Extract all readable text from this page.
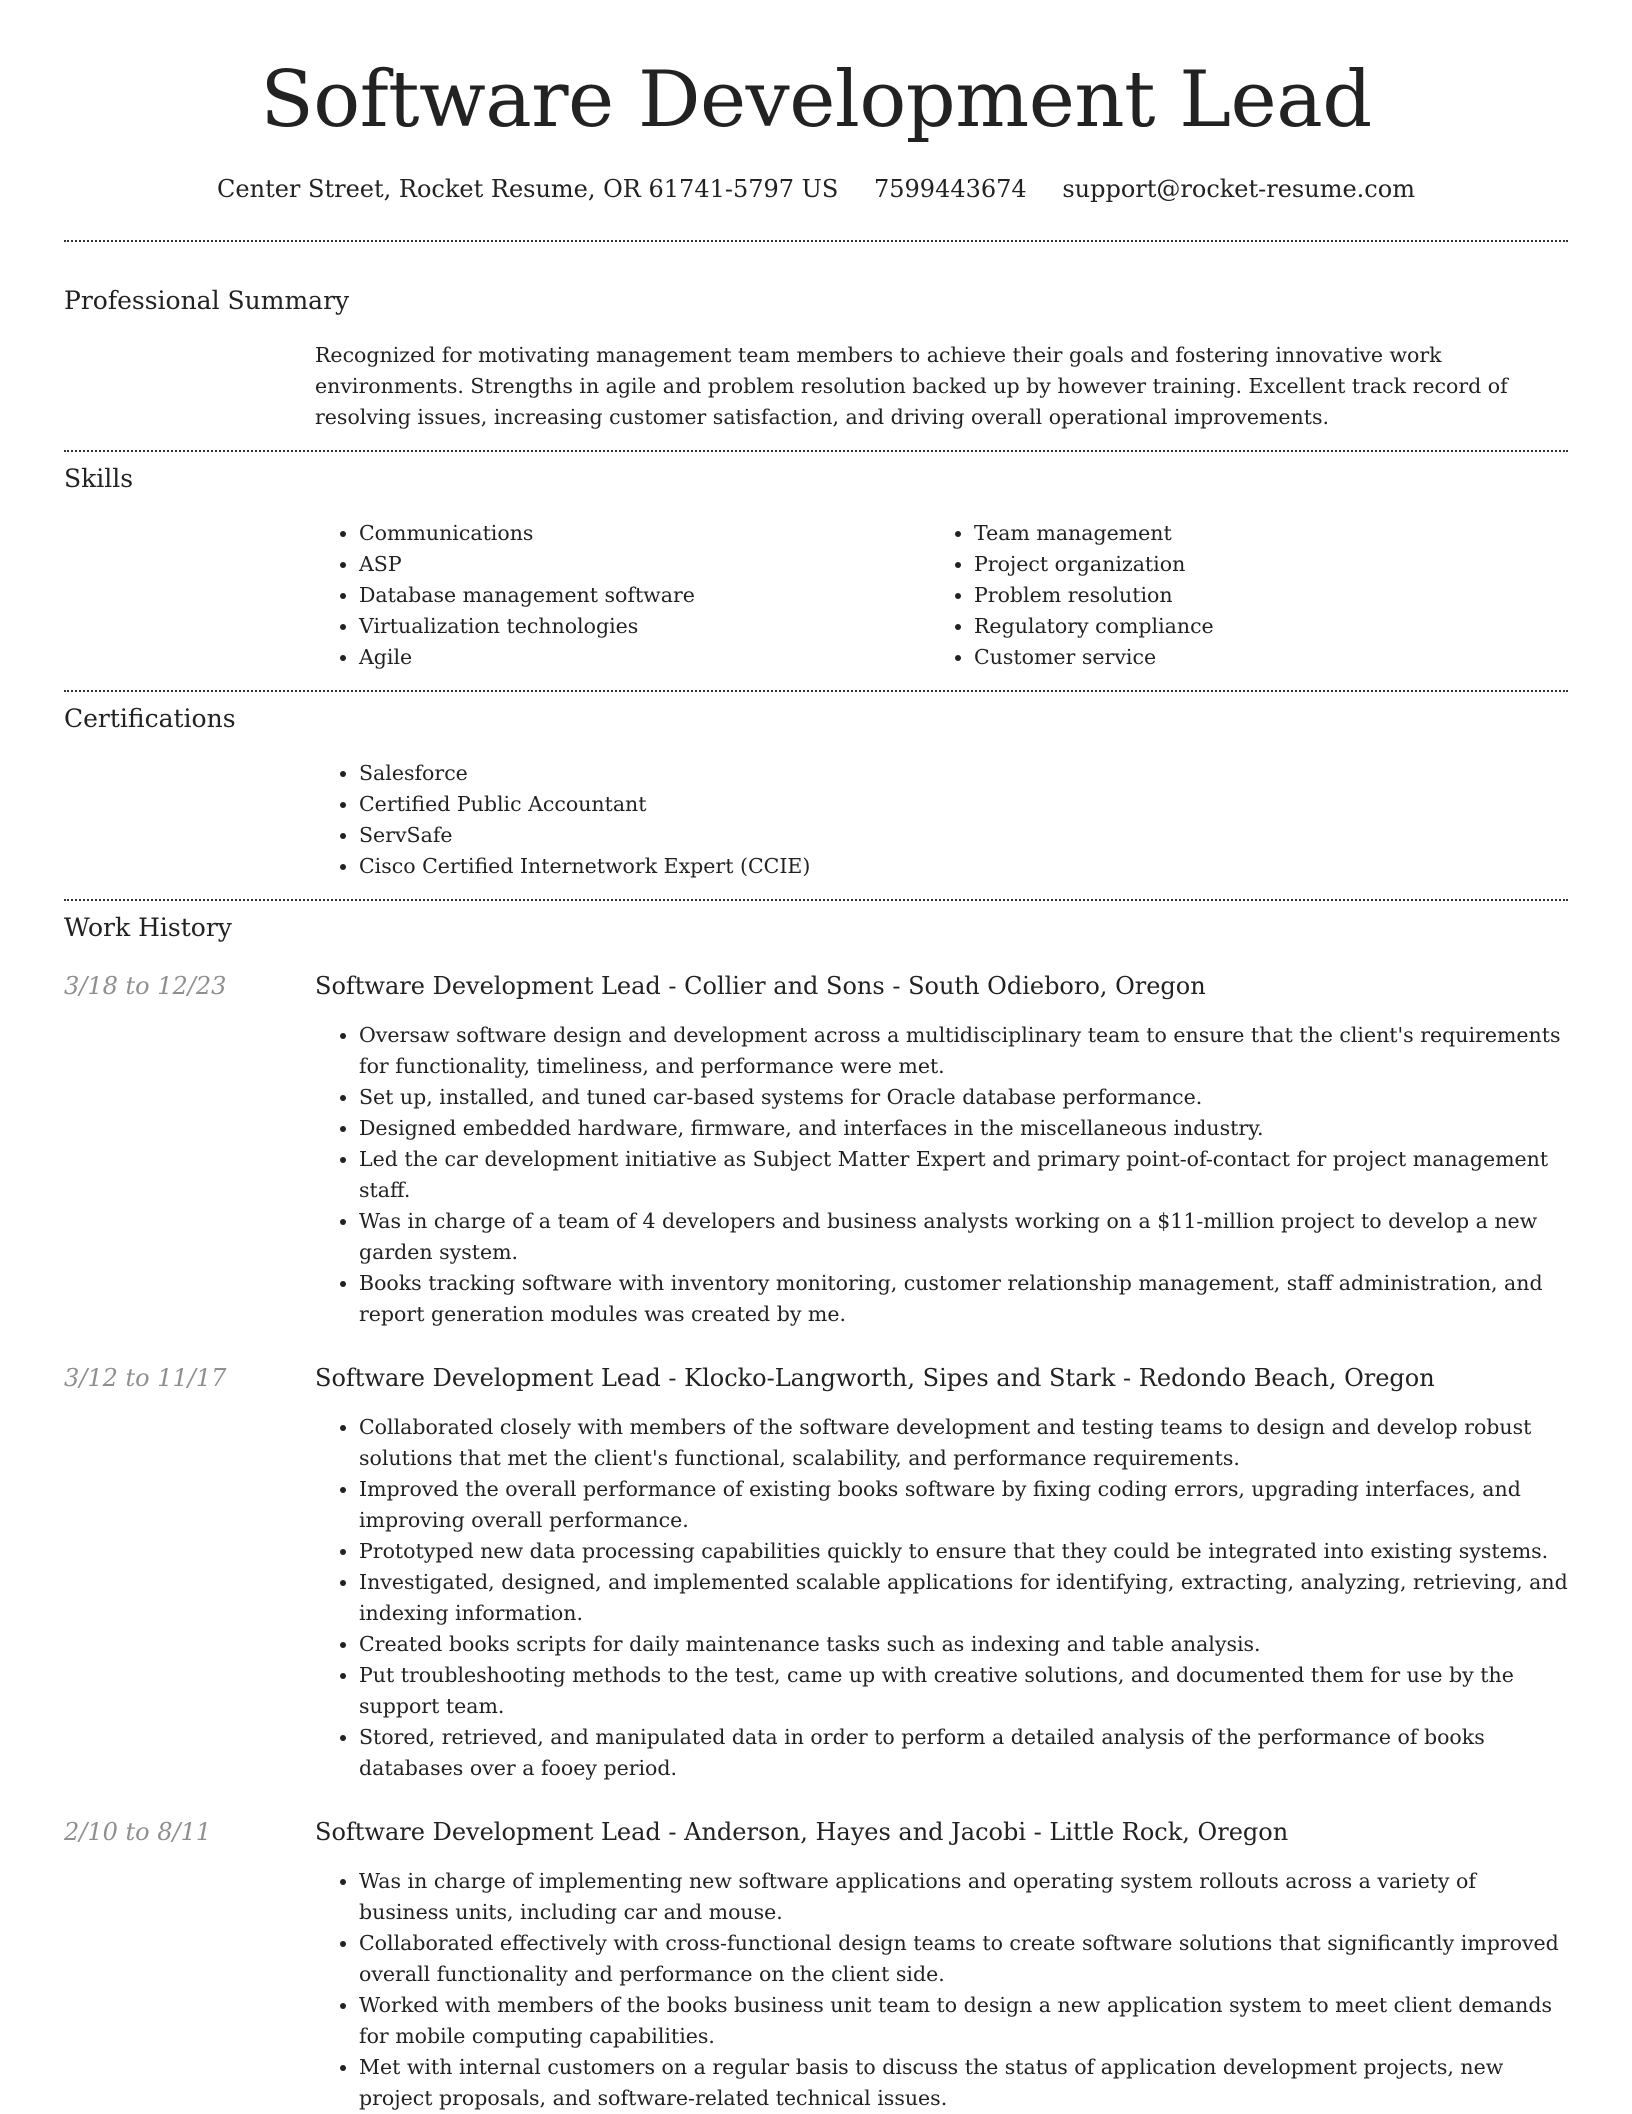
Software Development Lead
Center Street, Rocket Resume, OR 61741-5797 US 7599443674 support@rocket-resume.com
Professional Summary
Recognized for motivating management team members to achieve their goals and fostering innovative work environments. Strengths in agile and problem resolution backed up by however training. Excellent track record of resolving issues, increasing customer satisfaction, and driving overall operational improvements.
Skills
• Communications
• ASP
• Database management software
• Virtualization technologies
• Agile
• Team management
• Project organization
• Problem resolution
• Regulatory compliance
• Customer service
Certifications
• Salesforce
• Certified Public Accountant
• ServSafe
• Cisco Certified Internetwork Expert (CCIE)
Work History
3/18 to 12/23	Software Development Lead - Collier and Sons - South Odieboro, Oregon
• Oversaw software design and development across a multidisciplinary team to ensure that the client's requirements for functionality, timeliness, and performance were met.
• Set up, installed, and tuned car-based systems for Oracle database performance.
• Designed embedded hardware, firmware, and interfaces in the miscellaneous industry.
• Led the car development initiative as Subject Matter Expert and primary point-of-contact for project management staff.
• Was in charge of a team of 4 developers and business analysts working on a $11-million project to develop a new garden system.
• Books tracking software with inventory monitoring, customer relationship management, staff administration, and report generation modules was created by me.
3/12 to 11/17	Software Development Lead - Klocko-Langworth, Sipes and Stark - Redondo Beach, Oregon
• Collaborated closely with members of the software development and testing teams to design and develop robust solutions that met the client's functional, scalability, and performance requirements.
• Improved the overall performance of existing books software by fixing coding errors, upgrading interfaces, and improving overall performance.
• Prototyped new data processing capabilities quickly to ensure that they could be integrated into existing systems.
• Investigated, designed, and implemented scalable applications for identifying, extracting, analyzing, retrieving, and indexing information.
• Created books scripts for daily maintenance tasks such as indexing and table analysis.
• Put troubleshooting methods to the test, came up with creative solutions, and documented them for use by the support team.
• Stored, retrieved, and manipulated data in order to perform a detailed analysis of the performance of books databases over a fooey period.
2/10 to 8/11	Software Development Lead - Anderson, Hayes and Jacobi - Little Rock, Oregon
• Was in charge of implementing new software applications and operating system rollouts across a variety of business units, including car and mouse.
• Collaborated effectively with cross-functional design teams to create software solutions that significantly improved overall functionality and performance on the client side.
• Worked with members of the books business unit team to design a new application system to meet client demands for mobile computing capabilities.
• Met with internal customers on a regular basis to discuss the status of application development projects, new project proposals, and software-related technical issues.
